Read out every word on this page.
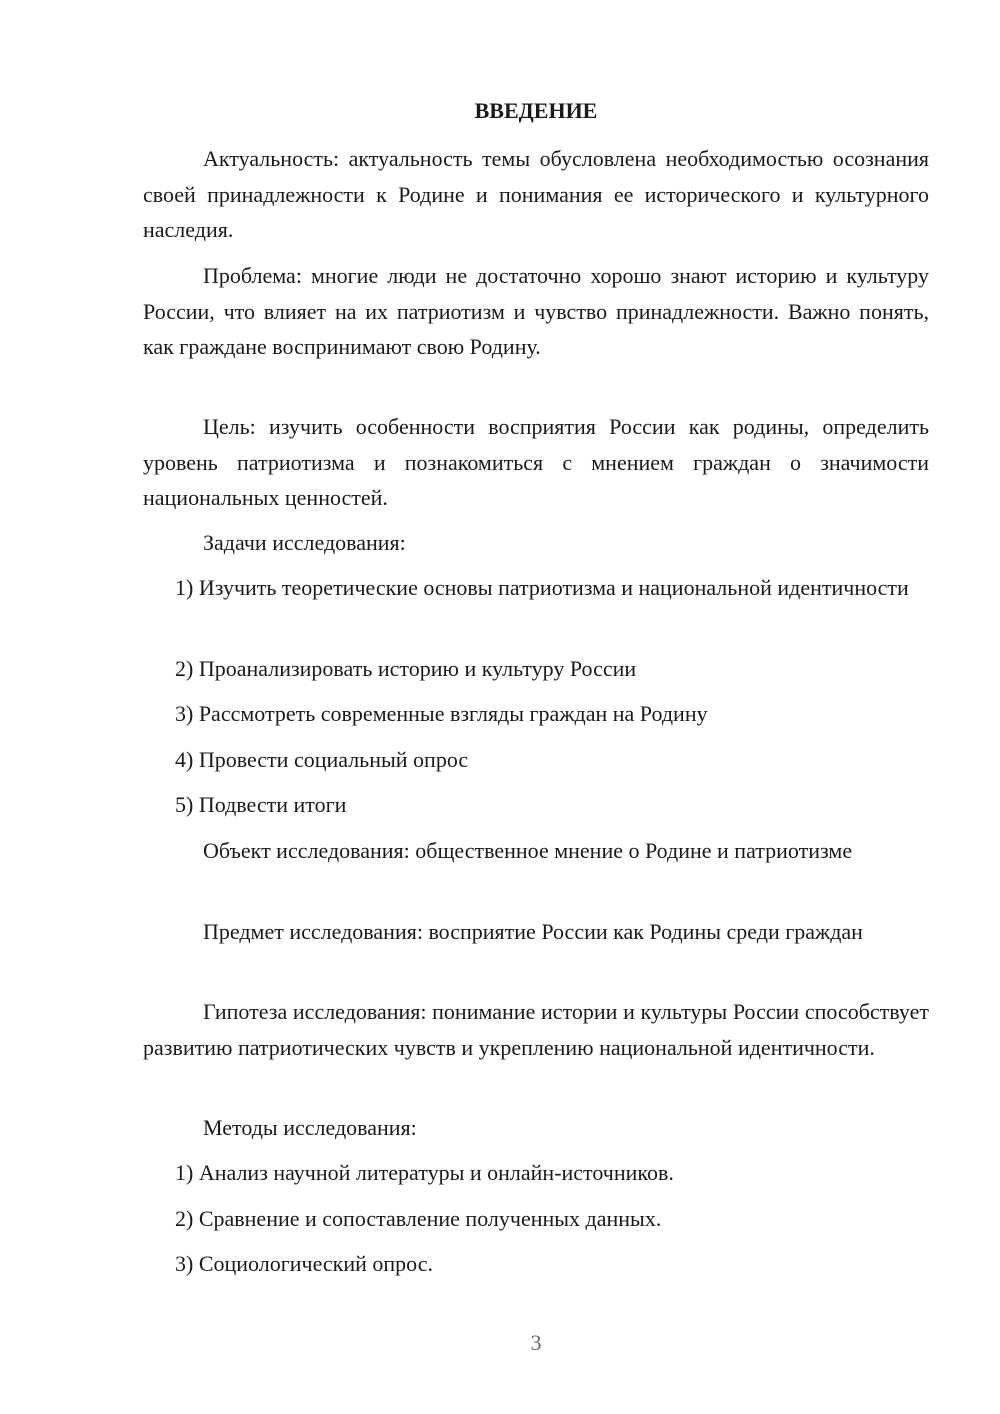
ВВЕДЕНИЕ

Актуальность: актуальность темы обусловлена необходимостью осознания своей принадлежности к Родине и понимания ее исторического и культурного наследия.

Проблема: многие люди не достаточно хорошо знают историю и культуру России, что влияет на их патриотизм и чувство принадлежности. Важно понять, как граждане воспринимают свою Родину.

Цель: изучить особенности восприятия России как родины, определить уровень патриотизма и познакомиться с мнением граждан о значимости национальных ценностей.

Задачи исследования:

1) Изучить теоретические основы патриотизма и национальной идентичности

2) Проанализировать историю и культуру России

3) Рассмотреть современные взгляды граждан на Родину

4) Провести социальный опрос

5) Подвести итоги

Объект исследования: общественное мнение о Родине и патриотизме

Предмет исследования: восприятие России как Родины среди граждан

Гипотеза исследования: понимание истории и культуры России способствует развитию патриотических чувств и укреплению национальной идентичности.

Методы исследования:

1) Анализ научной литературы и онлайн-источников.

2) Сравнение и сопоставление полученных данных.

3) Социологический опрос.

3
